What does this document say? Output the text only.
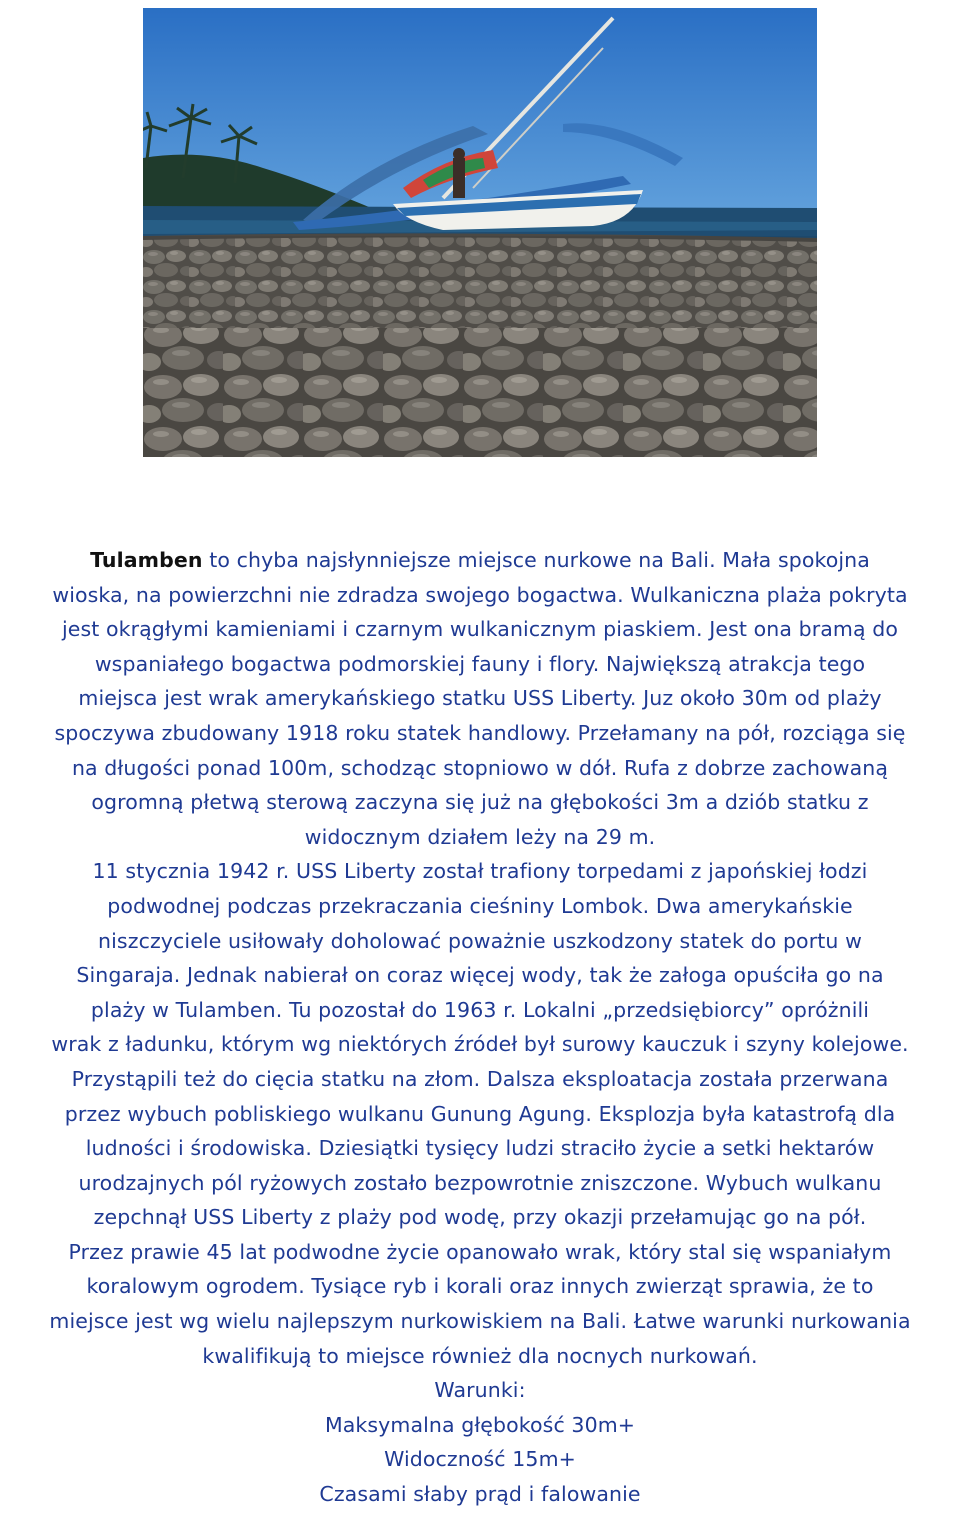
Tulamben to chyba najsłynniejsze miejsce nurkowe na Bali. Mała spokojna
wioska, na powierzchni nie zdradza swojego bogactwa. Wulkaniczna plaża pokryta
jest okrągłymi kamieniami i czarnym wulkanicznym piaskiem. Jest ona bramą do
wspaniałego bogactwa podmorskiej fauny i flory. Największą atrakcja tego
miejsca jest wrak amerykańskiego statku USS Liberty. Juz około 30m od plaży
spoczywa zbudowany 1918 roku statek handlowy. Przełamany na pół, rozciąga się
na długości ponad 100m, schodząc stopniowo w dół. Rufa z dobrze zachowaną
ogromną płetwą sterową zaczyna się już na głębokości 3m a dziób statku z
widocznym działem leży na 29 m.
11 stycznia 1942 r. USS Liberty został trafiony torpedami z japońskiej łodzi
podwodnej podczas przekraczania cieśniny Lombok. Dwa amerykańskie
niszczyciele usiłowały doholować poważnie uszkodzony statek do portu w
Singaraja. Jednak nabierał on coraz więcej wody, tak że załoga opuściła go na
plaży w Tulamben. Tu pozostał do 1963 r. Lokalni „przedsiębiorcy” opróżnili
wrak z ładunku, którym wg niektórych źródeł był surowy kauczuk i szyny kolejowe.
Przystąpili też do cięcia statku na złom. Dalsza eksploatacja została przerwana
przez wybuch pobliskiego wulkanu Gunung Agung. Eksplozja była katastrofą dla
ludności i środowiska. Dziesiątki tysięcy ludzi straciło życie a setki hektarów
urodzajnych pól ryżowych zostało bezpowrotnie zniszczone. Wybuch wulkanu
zepchnął USS Liberty z plaży pod wodę, przy okazji przełamując go na pół.
Przez prawie 45 lat podwodne życie opanowało wrak, który stal się wspaniałym
koralowym ogrodem. Tysiące ryb i korali oraz innych zwierząt sprawia, że to
miejsce jest wg wielu najlepszym nurkowiskiem na Bali. Łatwe warunki nurkowania
kwalifikują to miejsce również dla nocnych nurkowań.
Warunki:
Maksymalna głębokość 30m+
Widoczność 15m+
Czasami słaby prąd i falowanie
